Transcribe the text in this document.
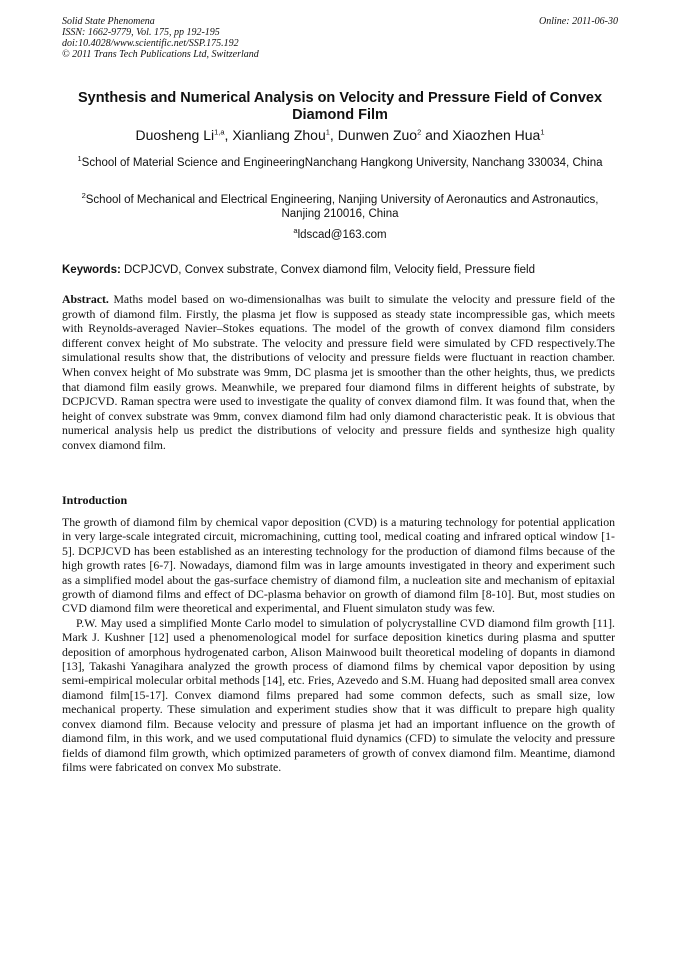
Solid State Phenomena
ISSN: 1662-9779, Vol. 175, pp 192-195
doi:10.4028/www.scientific.net/SSP.175.192
© 2011 Trans Tech Publications Ltd, Switzerland
Online: 2011-06-30
Synthesis and Numerical Analysis on Velocity and Pressure Field of Convex Diamond Film
Duosheng Li$^{1,a}$, Xianliang Zhou$^1$, Dunwen Zuo$^2$ and Xiaozhen Hua$^1$
$^1$School of Material Science and EngineeringNanchang Hangkong University, Nanchang 330034, China
$^2$School of Mechanical and Electrical Engineering, Nanjing University of Aeronautics and Astronautics, Nanjing 210016, China
$^a$ldscad@163.com
Keywords: DCPJCVD, Convex substrate, Convex diamond film, Velocity field, Pressure field
Abstract. Maths model based on wo-dimensionalhas was built to simulate the velocity and pressure field of the growth of diamond film. Firstly, the plasma jet flow is supposed as steady state incompressible gas, which meets with Reynolds-averaged Navier–Stokes equations. The model of the growth of convex diamond film considers different convex height of Mo substrate. The velocity and pressure field were simulated by CFD respectively.The simulational results show that, the distributions of velocity and pressure fields were fluctuant in reaction chamber. When convex height of Mo substrate was 9mm, DC plasma jet is smoother than the other heights, thus, we predicts that diamond film easily grows. Meanwhile, we prepared four diamond films in different heights of substrate, by DCPJCVD. Raman spectra were used to investigate the quality of convex diamond film. It was found that, when the height of convex substrate was 9mm, convex diamond film had only diamond characteristic peak. It is obvious that numerical analysis help us predict the distributions of velocity and pressure fields and synthesize high quality convex diamond film.
Introduction

The growth of diamond film by chemical vapor deposition (CVD) is a maturing technology for potential application in very large-scale integrated circuit, micromachining, cutting tool, medical coating and infrared optical window [1-5]. DCPJCVD has been established as an interesting technology for the production of diamond films because of the high growth rates [6-7]. Nowadays, diamond film was in large amounts investigated in theory and experiment such as a simplified model about the gas-surface chemistry of diamond film, a nucleation site and mechanism of epitaxial growth of diamond films and effect of DC-plasma behavior on growth of diamond film [8-10]. But, most studies on CVD diamond film were theoretical and experimental, and Fluent simulaton study was few.

P.W. May used a simplified Monte Carlo model to simulation of polycrystalline CVD diamond film growth [11]. Mark J. Kushner [12] used a phenomenological model for surface deposition kinetics during plasma and sputter deposition of amorphous hydrogenated carbon, Alison Mainwood built theoretical modeling of dopants in diamond [13], Takashi Yanagihara analyzed the growth process of diamond films by chemical vapor deposition by using semi-empirical molecular orbital methods [14], etc. Fries, Azevedo and S.M. Huang had deposited small area convex diamond film[15-17]. Convex diamond films prepared had some common defects, such as small size, low mechanical property. These simulation and experiment studies show that it was difficult to prepare high quality convex diamond film. Because velocity and pressure of plasma jet had an important influence on the growth of diamond film, in this work, and we used computational fluid dynamics (CFD) to simulate the velocity and pressure fields of diamond film growth, which optimized parameters of growth of convex diamond film. Meantime, diamond films were fabricated on convex Mo substrate.
